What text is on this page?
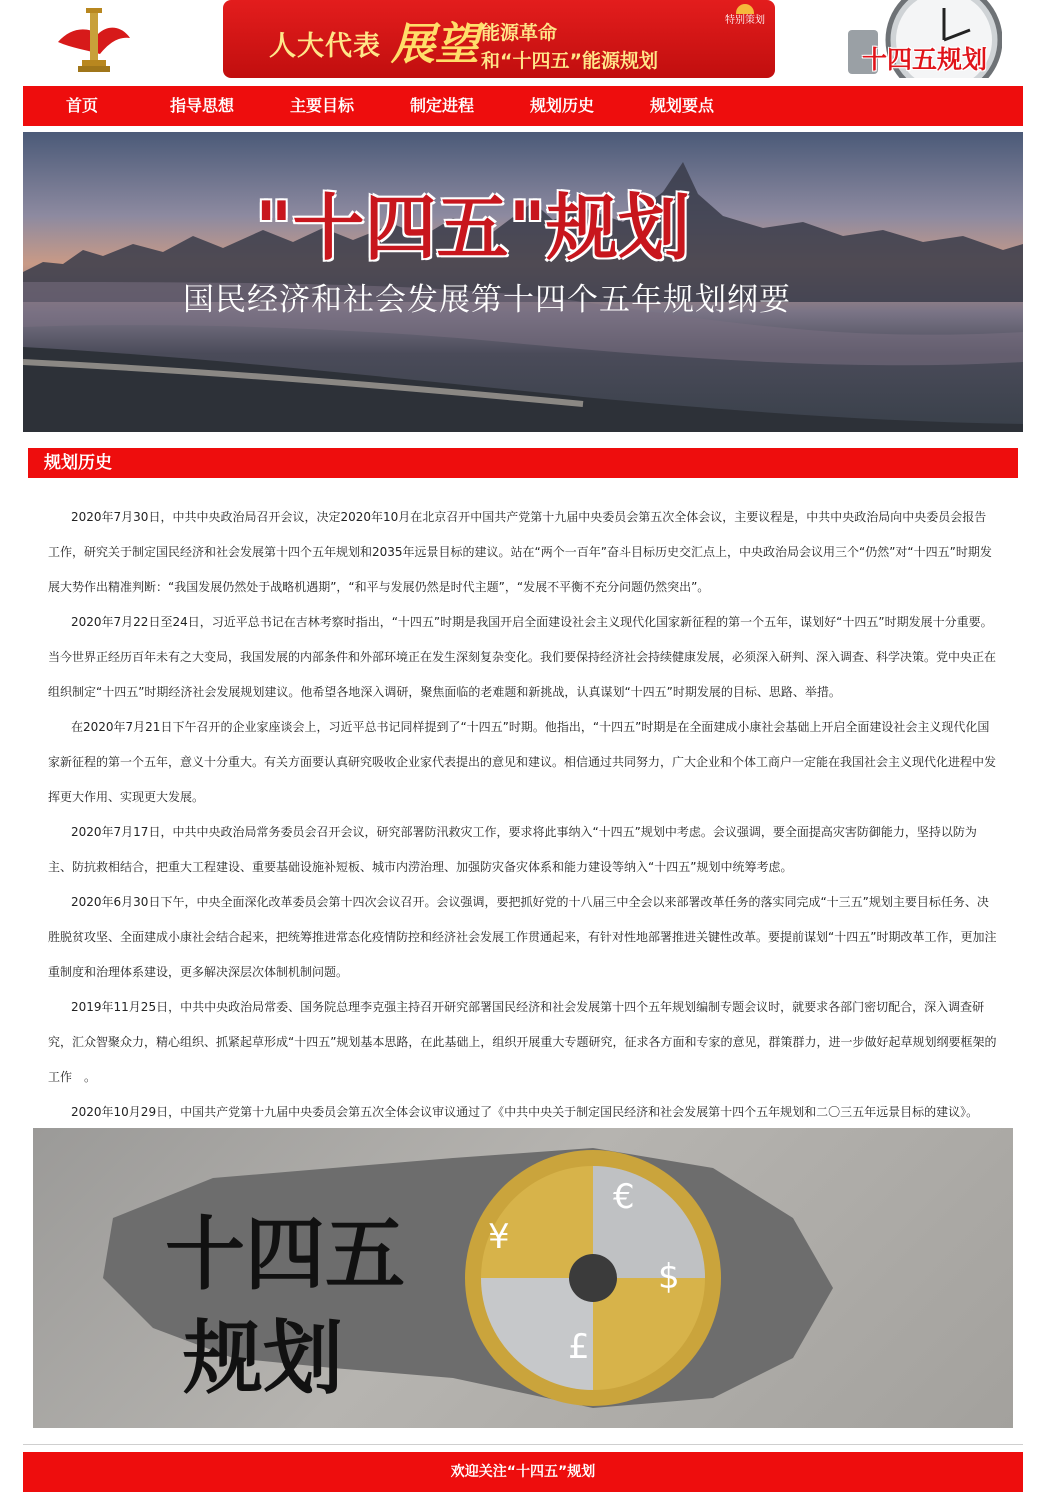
人大代表 展望 能源革命
和“十四五”能源规划
特别策划
十四五规划
首页	指导思想	主要目标	制定进程	规划历史	规划要点
"十四五"规划
国民经济和社会发展第十四个五年规划纲要
规划历史

2020年7月30日，中共中央政治局召开会议，决定2020年10月在北京召开中国共产党第十九届中央委员会第五次全体会议，主要议程是，中共中央政治局向中央委员会报告工作，研究关于制定国民经济和社会发展第十四个五年规划和2035年远景目标的建议。站在“两个一百年”奋斗目标历史交汇点上，中央政治局会议用三个“仍然”对“十四五”时期发展大势作出精准判断：“我国发展仍然处于战略机遇期”，“和平与发展仍然是时代主题”，“发展不平衡不充分问题仍然突出”。

2020年7月22日至24日，习近平总书记在吉林考察时指出，“十四五”时期是我国开启全面建设社会主义现代化国家新征程的第一个五年，谋划好“十四五”时期发展十分重要。当今世界正经历百年未有之大变局，我国发展的内部条件和外部环境正在发生深刻复杂变化。我们要保持经济社会持续健康发展，必须深入研判、深入调查、科学决策。党中央正在组织制定“十四五”时期经济社会发展规划建议。他希望各地深入调研，聚焦面临的老难题和新挑战，认真谋划“十四五”时期发展的目标、思路、举措。

在2020年7月21日下午召开的企业家座谈会上，习近平总书记同样提到了“十四五”时期。他指出，“十四五”时期是在全面建成小康社会基础上开启全面建设社会主义现代化国家新征程的第一个五年，意义十分重大。有关方面要认真研究吸收企业家代表提出的意见和建议。相信通过共同努力，广大企业和个体工商户一定能在我国社会主义现代化进程中发挥更大作用、实现更大发展。

2020年7月17日，中共中央政治局常务委员会召开会议，研究部署防汛救灾工作，要求将此事纳入“十四五”规划中考虑。会议强调，要全面提高灾害防御能力，坚持以防为主、防抗救相结合，把重大工程建设、重要基础设施补短板、城市内涝治理、加强防灾备灾体系和能力建设等纳入“十四五”规划中统筹考虑。

2020年6月30日下午，中央全面深化改革委员会第十四次会议召开。会议强调，要把抓好党的十八届三中全会以来部署改革任务的落实同完成“十三五”规划主要目标任务、决胜脱贫攻坚、全面建成小康社会结合起来，把统筹推进常态化疫情防控和经济社会发展工作贯通起来，有针对性地部署推进关键性改革。要提前谋划“十四五”时期改革工作，更加注重制度和治理体系建设，更多解决深层次体制机制问题。

2019年11月25日，中共中央政治局常委、国务院总理李克强主持召开研究部署国民经济和社会发展第十四个五年规划编制专题会议时，就要求各部门密切配合，深入调查研究，汇众智聚众力，精心组织、抓紧起草形成“十四五”规划基本思路，在此基础上，组织开展重大专题研究，征求各方面和专家的意见，群策群力，进一步做好起草规划纲要框架的工作　。

2020年10月29日，中国共产党第十九届中央委员会第五次全体会议审议通过了《中共中央关于制定国民经济和社会发展第十四个五年规划和二〇三五年远景目标的建议》。

¥
€
$
£
十四五
规划
欢迎关注“十四五”规划
